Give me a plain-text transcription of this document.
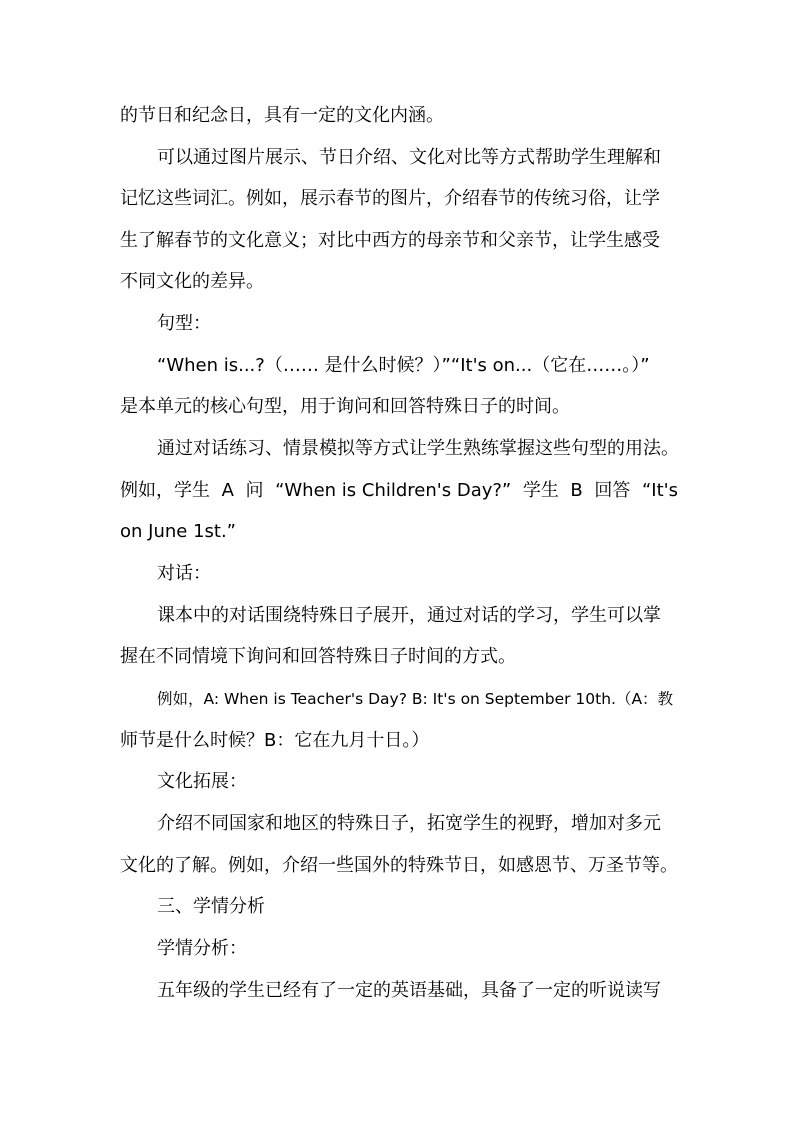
的节日和纪念日，具有一定的文化内涵。
可以通过图片展示、节日介绍、文化对比等方式帮助学生理解和
记忆这些词汇。例如，展示春节的图片，介绍春节的传统习俗，让学
生了解春节的文化意义；对比中西方的母亲节和父亲节，让学生感受
不同文化的差异。
句型：
“When is...?（…… 是什么时候？）”“It's on...（它在……。）”
是本单元的核心句型，用于询问和回答特殊日子的时间。
通过对话练习、情景模拟等方式让学生熟练掌握这些句型的用法。
例如，学生 A 问 “When is Children's Day?” 学生 B 回答 “It's
on June 1st.”
对话：
课本中的对话围绕特殊日子展开，通过对话的学习，学生可以掌
握在不同情境下询问和回答特殊日子时间的方式。
例如，A: When is Teacher's Day? B: It's on September 10th.（A：教
师节是什么时候？B：它在九月十日。）
文化拓展：
介绍不同国家和地区的特殊日子，拓宽学生的视野，增加对多元
文化的了解。例如，介绍一些国外的特殊节日，如感恩节、万圣节等。
三、学情分析
学情分析：
五年级的学生已经有了一定的英语基础，具备了一定的听说读写
